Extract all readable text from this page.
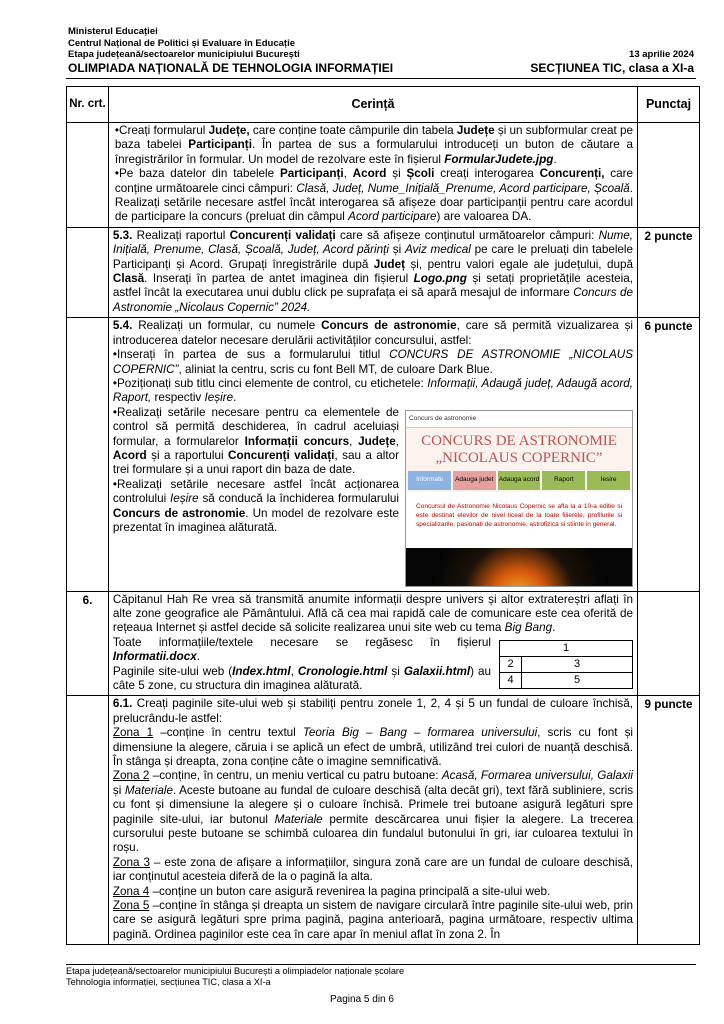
Ministerul Educației
Centrul Național de Politici și Evaluare în Educație
Etapa județeană/sectoarelor municipiului București	13 aprilie 2024
OLIMPIADA NAȚIONALĂ DE TEHNOLOGIA INFORMAȚIEI	SECȚIUNEA TIC, clasa a XI-a
Nr. crt.	Cerință	Punctaj

•Creați formularul Județe, care conține toate câmpurile din tabela Județe și un subformular creat pe baza tabelei Participanți. În partea de sus a formularului introduceți un buton de căutare a înregistrărilor în formular. Un model de rezolvare este în fișierul FormularJudete.jpg.

•Pe baza datelor din tabelele Participanți, Acord și Școli creați interogarea Concurenți, care conține următoarele cinci câmpuri: Clasă, Județ, Nume_Inițială_Prenume, Acord participare, Școală. Realizați setările necesare astfel încât interogarea să afișeze doar participanții pentru care acordul de participare la concurs (preluat din câmpul Acord participare) are valoarea DA.

5.3. Realizați raportul Concurenți validați care să afișeze conținutul următoarelor câmpuri: Nume, Inițială, Prenume, Clasă, Școală, Județ, Acord părinți și Aviz medical pe care le preluați din tabelele Participanți și Acord. Grupați înregistrările după Județ și, pentru valori egale ale județului, după Clasă. Inserați în partea de antet imaginea din fișierul Logo.png și setați proprietățile acesteia, astfel încât la executarea unui dublu click pe suprafața ei să apară mesajul de informare Concurs de Astronomie „Nicolaus Copernic” 2024.

	2 puncte

5.4. Realizați un formular, cu numele Concurs de astronomie, care să permită vizualizarea și introducerea datelor necesare derulării activităților concursului, astfel:

•Inserați în partea de sus a formularului titlul CONCURS DE ASTRONOMIE „NICOLAUS COPERNIC”, aliniat la centru, scris cu font Bell MT, de culoare Dark Blue.

•Poziționați sub titlu cinci elemente de control, cu etichetele: Informații, Adaugă județ, Adaugă acord, Raport, respectiv Ieșire.

Concurs de astronomie
CONCURS DE ASTRONOMIE
„NICOLAUS COPERNIC”
Informatii	Adauga judet Adauga acord	Raport	Iesire
Concursul de Astronomie Nicolaus Copernic se afla la a 10-a editie si este destinat elevilor de nivel liceal de la toate filierele, profilurile si specializarile, pasionati de astronomie, astrofizica si stiinte in general.

•Realizați setările necesare pentru ca elementele de control să permită deschiderea, în cadrul aceluiași formular, a formularelor Informații concurs, Județe, Acord și a raportului Concurenți validați, sau a altor trei formulare și a unui raport din baza de date.

•Realizați setările necesare astfel încât acționarea controlului Ieșire să conducă la închiderea formularului Concurs de astronomie. Un model de rezolvare este prezentat în imaginea alăturată.

	6 puncte
6.	Căpitanul Hah Re vrea să transmită anumite informații despre univers și altor extratereștri aflați în alte zone geografice ale Pământului. Află că cea mai rapidă cale de comunicare este cea oferită de rețeaua Internet și astfel decide să solicite realizarea unui site web cu tema Big Bang.

1
2	3
4	5

Toate informațiile/textele necesare se regăsesc în fișierul Informatii.docx.

Paginile site-ului web (Index.html, Cronologie.html și Galaxii.html) au câte 5 zone, cu structura din imaginea alăturată.

6.1. Creați paginile site-ului web și stabiliți pentru zonele 1, 2, 4 și 5 un fundal de culoare închisă, prelucrându-le astfel:

Zona 1 –conține în centru textul Teoria Big – Bang – formarea universului, scris cu font și dimensiune la alegere, căruia i se aplică un efect de umbră, utilizând trei culori de nuanță deschisă. În stânga și dreapta, zona conține câte o imagine semnificativă.

Zona 2 –conține, în centru, un meniu vertical cu patru butoane: Acasă, Formarea universului, Galaxii și Materiale. Aceste butoane au fundal de culoare deschisă (alta decât gri), text fără subliniere, scris cu font și dimensiune la alegere și o culoare închisă. Primele trei butoane asigură legături spre paginile site-ului, iar butonul Materiale permite descărcarea unui fișier la alegere. La trecerea cursorului peste butoane se schimbă culoarea din fundalul butonului în gri, iar culoarea textului în roșu.

Zona 3 – este zona de afișare a informațiilor, singura zonă care are un fundal de culoare deschisă, iar conținutul acesteia diferă de la o pagină la alta.

Zona 4 –conține un buton care asigură revenirea la pagina principală a site-ului web.

Zona 5 –conține în stânga și dreapta un sistem de navigare circulară între paginile site-ului web, prin care se asigură legături spre prima pagină, pagina anterioară, pagina următoare, respectiv ultima pagină. Ordinea paginilor este cea în care apar în meniul aflat în zona 2. În

	9 puncte
Etapa județeană/sectoarelor municipiului București a olimpiadelor naționale școlare
Tehnologia informației, secțiunea TIC, clasa a XI-a
Pagina 5 din 6
